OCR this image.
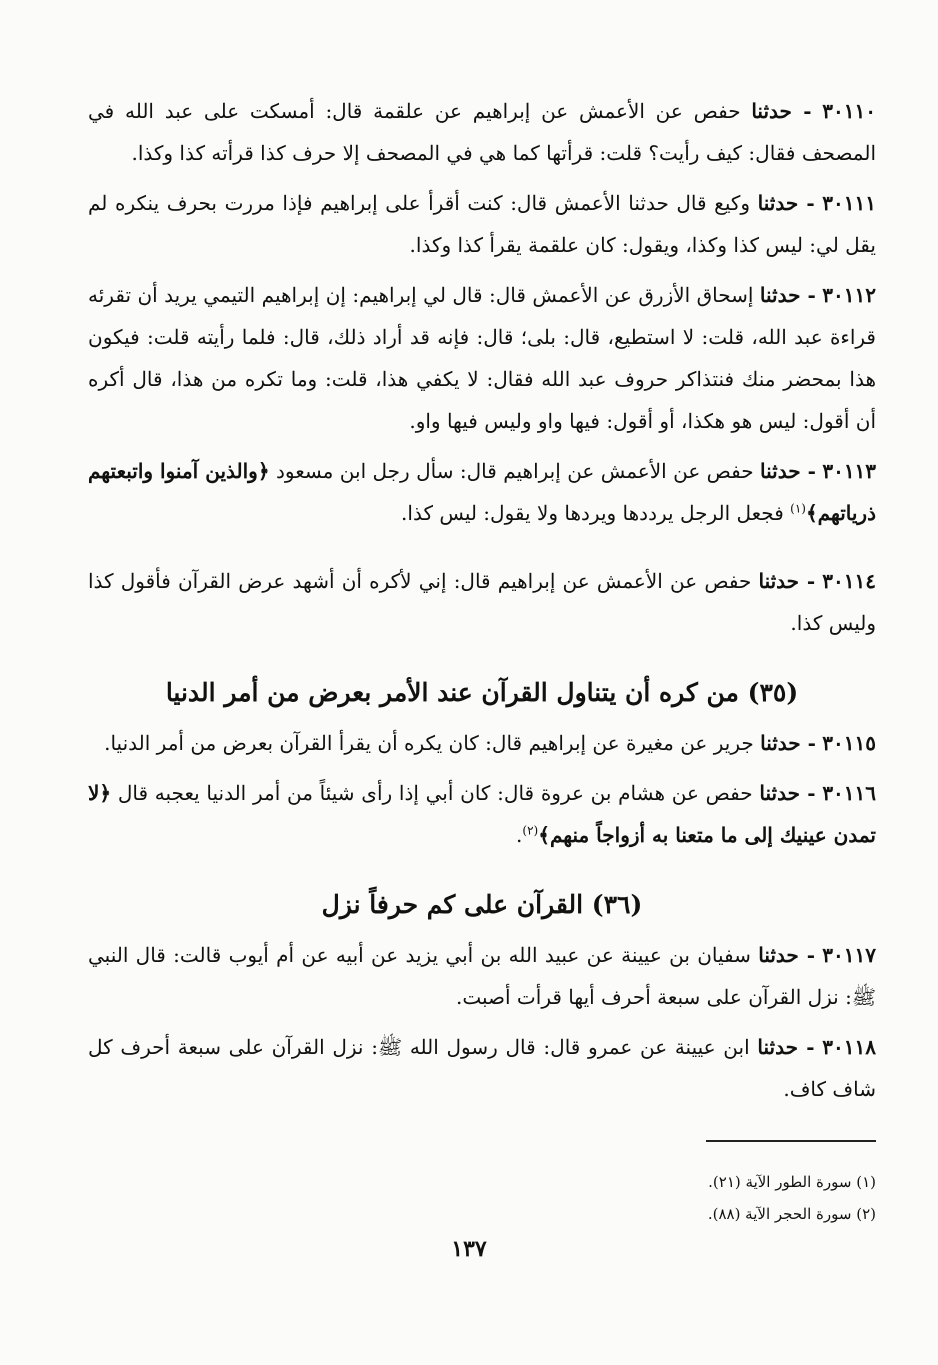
٣٠١١٠ - حدثنا حفص عن الأعمش عن إبراهيم عن علقمة قال: أمسكت على عبد الله في المصحف فقال: كيف رأيت؟ قلت: قرأتها كما هي في المصحف إلا حرف كذا قرأته كذا وكذا.

٣٠١١١ - حدثنا وكيع قال حدثنا الأعمش قال: كنت أقرأ على إبراهيم فإذا مررت بحرف ينكره لم يقل لي: ليس كذا وكذا، ويقول: كان علقمة يقرأ كذا وكذا.

٣٠١١٢ - حدثنا إسحاق الأزرق عن الأعمش قال: قال لي إبراهيم: إن إبراهيم التيمي يريد أن تقرئه قراءة عبد الله، قلت: لا استطيع، قال: بلى؛ قال: فإنه قد أراد ذلك، قال: فلما رأيته قلت: فيكون هذا بمحضر منك فنتذاكر حروف عبد الله فقال: لا يكفي هذا، قلت: وما تكره من هذا، قال أكره أن أقول: ليس هو هكذا، أو أقول: فيها واو وليس فيها واو.

٣٠١١٣ - حدثنا حفص عن الأعمش عن إبراهيم قال: سأل رجل ابن مسعود ﴿والذين آمنوا واتبعتهم ذرياتهم﴾$^{(١)}$ فجعل الرجل يرددها ويردها ولا يقول: ليس كذا.

٣٠١١٤ - حدثنا حفص عن الأعمش عن إبراهيم قال: إني لأكره أن أشهد عرض القرآن فأقول كذا وليس كذا.

(٣٥) من كره أن يتناول القرآن عند الأمر بعرض من أمر الدنيا

٣٠١١٥ - حدثنا جرير عن مغيرة عن إبراهيم قال: كان يكره أن يقرأ القرآن بعرض من أمر الدنيا.

٣٠١١٦ - حدثنا حفص عن هشام بن عروة قال: كان أبي إذا رأى شيئاً من أمر الدنيا يعجبه قال ﴿لا تمدن عينيك إلى ما متعنا به أزواجاً منهم﴾$^{(٢)}$.

(٣٦) القرآن على كم حرفاً نزل

٣٠١١٧ - حدثنا سفيان بن عيينة عن عبيد الله بن أبي يزيد عن أبيه عن أم أيوب قالت: قال النبي ﷺ: نزل القرآن على سبعة أحرف أيها قرأت أصبت.

٣٠١١٨ - حدثنا ابن عيينة عن عمرو قال: قال رسول الله ﷺ: نزل القرآن على سبعة أحرف كل شاف كاف.

(١) سورة الطور الآية (٢١).
(٢) سورة الحجر الآية (٨٨).
١٣٧
